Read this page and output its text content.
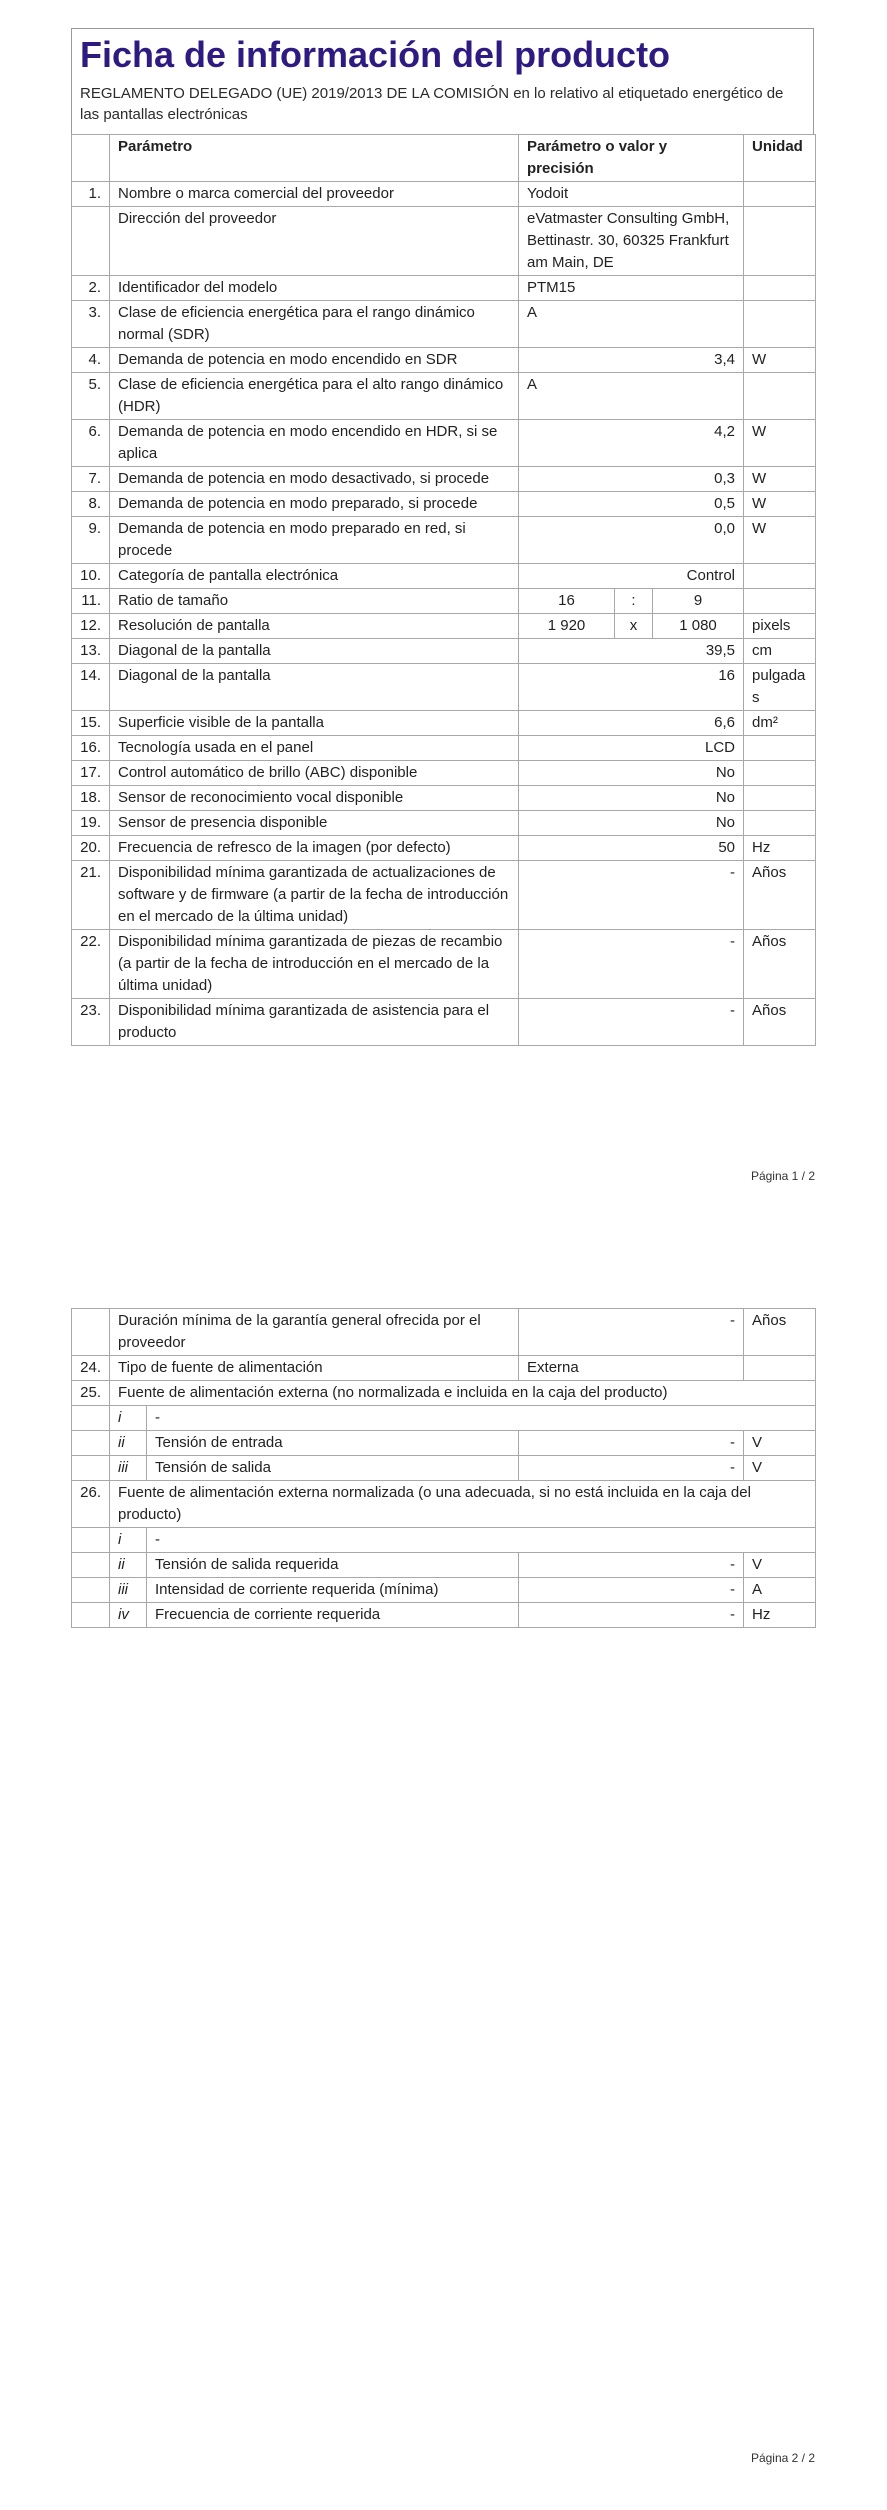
Ficha de información del producto
REGLAMENTO DELEGADO (UE) 2019/2013 DE LA COMISIÓN en lo relativo al etiquetado energético de las pantallas electrónicas
	Parámetro	Parámetro o valor y precisión			Unidad
1.	Nombre o marca comercial del proveedor	Yodoit			
	Dirección del proveedor	eVatmaster Consulting GmbH, Bettinastr. 30, 60325 Frankfurt am Main, DE			
2.	Identificador del modelo	PTM15			
3.	Clase de eficiencia energética para el rango dinámico normal (SDR)	A			
4.	Demanda de potencia en modo encendido en SDR	3,4			W
5.	Clase de eficiencia energética para el alto rango dinámico (HDR)	A			
6.	Demanda de potencia en modo encendido en HDR, si se aplica	4,2			W
7.	Demanda de potencia en modo desactivado, si procede	0,3			W
8.	Demanda de potencia en modo preparado, si procede	0,5			W
9.	Demanda de potencia en modo preparado en red, si procede	0,0			W
10.	Categoría de pantalla electrónica	Control			
11.	Ratio de tamaño	16	:	9	
12.	Resolución de pantalla	1 920	x	1 080	pixels
13.	Diagonal de la pantalla	39,5			cm
14.	Diagonal de la pantalla	16			pulgadas
15.	Superficie visible de la pantalla	6,6			dm²
16.	Tecnología usada en el panel	LCD			
17.	Control automático de brillo (ABC) disponible	No			
18.	Sensor de reconocimiento vocal disponible	No			
19.	Sensor de presencia disponible	No			
20.	Frecuencia de refresco de la imagen (por defecto)	50			Hz
21.	Disponibilidad mínima garantizada de actualizaciones de software y de firmware (a partir de la fecha de introducción en el mercado de la última unidad)	-			Años
22.	Disponibilidad mínima garantizada de piezas de recambio (a partir de la fecha de introducción en el mercado de la última unidad)	-			Años
23.	Disponibilidad mínima garantizada de asistencia para el producto	-			Años
Página 1 / 2
	Duración mínima de la garantía general ofrecida por el proveedor		-	Años
24.	Tipo de fuente de alimentación		Externa	
25.	Fuente de alimentación externa (no normalizada e incluida en la caja del producto)			
	i	-		
	ii	Tensión de entrada	-	V
	iii	Tensión de salida	-	V
26.	Fuente de alimentación externa normalizada (o una adecuada, si no está incluida en la caja del producto)			
	i	-		
	ii	Tensión de salida requerida	-	V
	iii	Intensidad de corriente requerida (mínima)	-	A
	iv	Frecuencia de corriente requerida	-	Hz
Página 2 / 2
